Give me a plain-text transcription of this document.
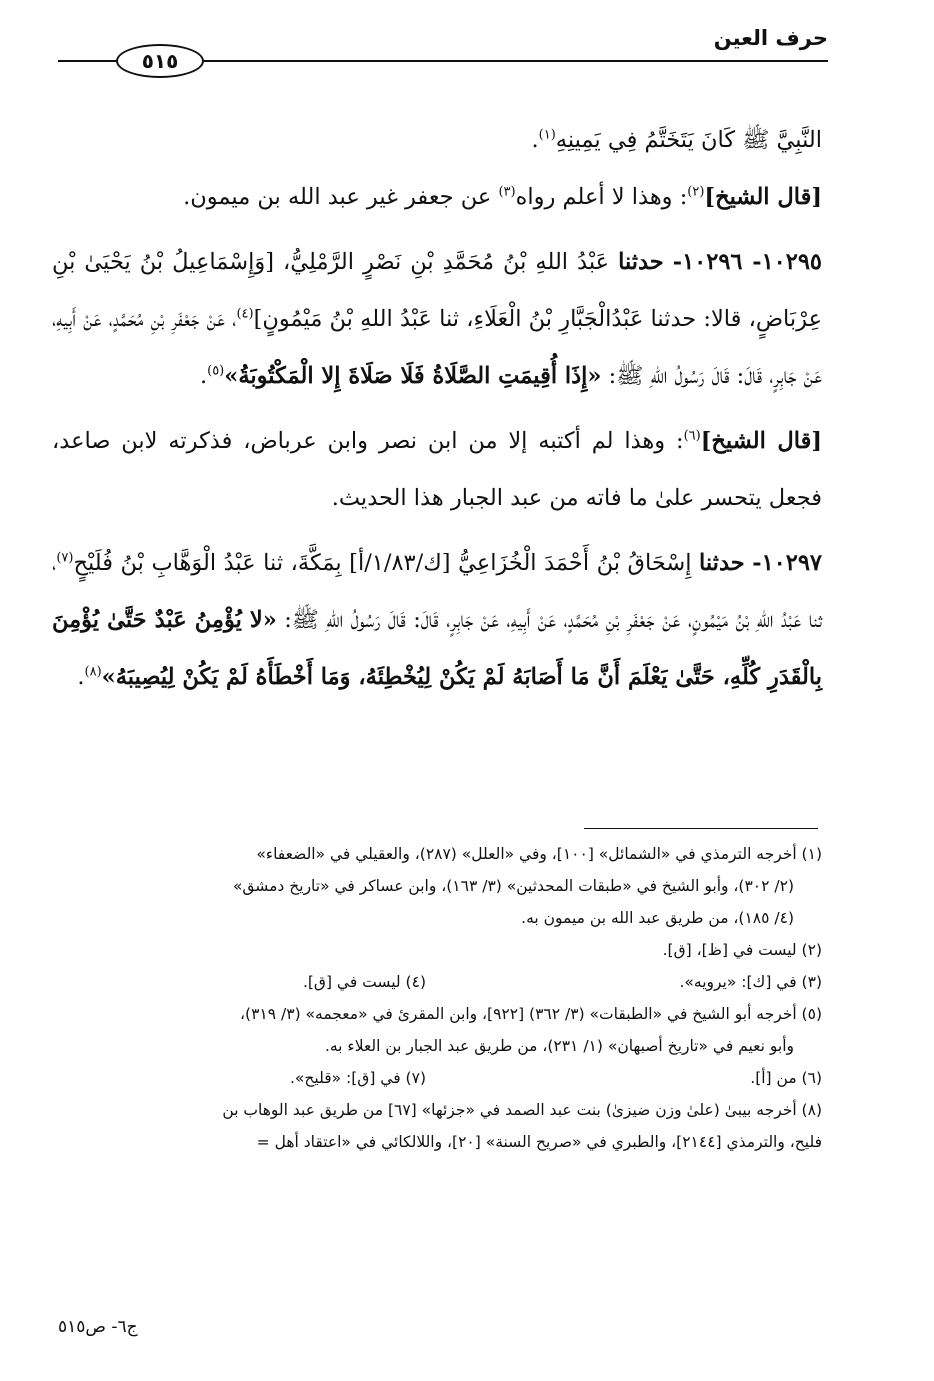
حرف العين
٥١٥

النَّبِيَّ ﷺ كَانَ يَتَخَتَّمُ فِي يَمِينِهِ$^{(١)}$.

[قال الشيخ]$^{(٢)}$: وهذا لا أعلم رواه$^{(٣)}$ عن جعفر غير عبد الله بن ميمون.

١٠٢٩٥- ١٠٢٩٦- حدثنا عَبْدُ اللهِ بْنُ مُحَمَّدِ بْنِ نَصْرٍ الرَّمْلِيُّ، [وَإِسْمَاعِيلُ بْنُ يَحْيَىٰ بْنِ عِرْبَاضٍ، قالا: حدثنا عَبْدُالْجَبَّارِ بْنُ الْعَلَاءِ، ثنا عَبْدُ اللهِ بْنُ مَيْمُونٍ]$^{(٤)}$، عَنْ جَعْفَرِ بْنِ مُحَمَّدٍ، عَنْ أَبِيهِ، عَنْ جَابِرٍ، قَالَ: قَالَ رَسُولُ اللهِ ﷺ: «إِذَا أُقِيمَتِ الصَّلَاةُ فَلَا صَلَاةَ إِلا الْمَكْتُوبَةُ»$^{(٥)}$.

[قال الشيخ]$^{(٦)}$: وهذا لم أكتبه إلا من ابن نصر وابن عرباض، فذكرته لابن صاعد، فجعل يتحسر علىٰ ما فاته من عبد الجبار هذا الحديث.

١٠٢٩٧- حدثنا إِسْحَاقُ بْنُ أَحْمَدَ الْخُزَاعِيُّ [ك/١/٨٣/أ] بِمَكَّةَ، ثنا عَبْدُ الْوَهَّابِ بْنُ فُلَيْحٍ$^{(٧)}$، ثنا عَبْدُ اللهِ بْنُ مَيْمُونٍ، عَنْ جَعْفَرِ بْنِ مُحَمَّدٍ، عَنْ أَبِيهِ، عَنْ جَابِرٍ، قَالَ: قَالَ رَسُولُ اللهِ ﷺ: «لا يُؤْمِنُ عَبْدٌ حَتَّىٰ يُؤْمِنَ بِالْقَدَرِ كُلِّهِ، حَتَّىٰ يَعْلَمَ أَنَّ مَا أَصَابَهُ لَمْ يَكُنْ لِيُخْطِئَهُ، وَمَا أَخْطَأَهُ لَمْ يَكُنْ لِيُصِيبَهُ»$^{(٨)}$.

(١) أخرجه الترمذي في «الشمائل» [١٠٠]، وفي «العلل» (٢٨٧)، والعقيلي في «الضعفاء»

(٢/ ٣٠٢)، وأبو الشيخ في «طبقات المحدثين» (٣/ ١٦٣)، وابن عساكر في «تاريخ دمشق»

(٤/ ١٨٥)، من طريق عبد الله بن ميمون به.

(٢) ليست في [ظ]، [ق].

(٣) في [ك]: «يرويه».
(٤) ليست في [ق].

(٥) أخرجه أبو الشيخ في «الطبقات» (٣/ ٣٦٢) [٩٢٢]، وابن المقرئ في «معجمه» (٣/ ٣١٩)،

وأبو نعيم في «تاريخ أصبهان» (١/ ٢٣١)، من طريق عبد الجبار بن العلاء به.

(٦) من [أ].
(٧) في [ق]: «قليح».

(٨) أخرجه بيبىٰ (علىٰ وزن ضيزىٰ) بنت عبد الصمد في «جزئها» [٦٧] من طريق عبد الوهاب بن

فليح، والترمذي [٢١٤٤]، والطبري في «صريح السنة» [٢٠]، واللالكائي في «اعتقاد أهل =

ج٦- ص٥١٥
